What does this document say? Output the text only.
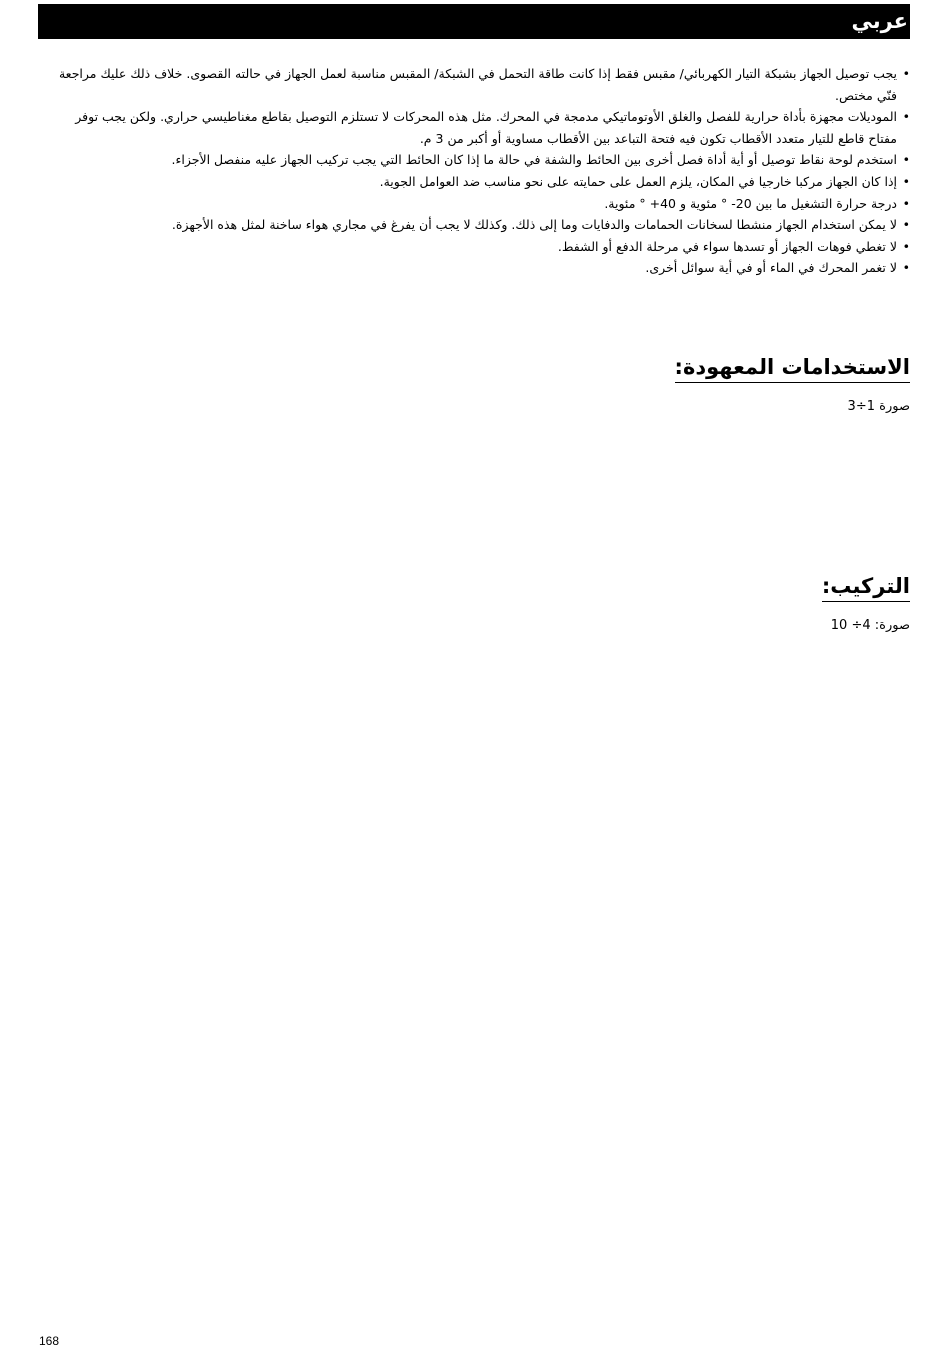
عربي
• يجب توصيل الجهاز بشبكة التيار الكهربائي/ مقبس فقط إذا كانت طاقة التحمل في الشبكة/ المقبس مناسبة لعمل الجهاز في حالته القصوى. خلاف ذلك عليك مراجعة فنّي مختص.
• الموديلات مجهزة بأداة حرارية للفصل والغلق الأوتوماتيكي مدمجة في المحرك. مثل هذه المحركات لا تستلزم التوصيل بقاطع مغناطيسي حراري. ولكن يجب توفر مفتاح قاطع للتيار متعدد الأقطاب تكون فيه فتحة التباعد بين الأقطاب مساوية أو أكبر من 3 م.
• استخدم لوحة نقاط توصيل أو أية أداة فصل أخرى بين الحائط والشفة في حالة ما إذا كان الحائط التي يجب تركيب الجهاز عليه منفصل الأجزاء.
• إذا كان الجهاز مركبا خارجيا في المكان، يلزم العمل على حمايته على نحو مناسب ضد العوامل الجوية.
• درجة حرارة التشغيل ما بين 20- ° مئوية و 40+ ° مئوية.
• لا يمكن استخدام الجهاز منشطا لسخانات الحمامات والدفايات وما إلى ذلك. وكذلك لا يجب أن يفرغ في مجاري هواء ساخنة لمثل هذه الأجهزة.
• لا تغطي فوهات الجهاز أو تسدها سواء في مرحلة الدفع أو الشفط.
• لا تغمر المحرك في الماء أو في أية سوائل أخرى.
الاستخدامات المعهودة:
صورة 1÷3
التركيب:
صورة: 4÷ 10
168
